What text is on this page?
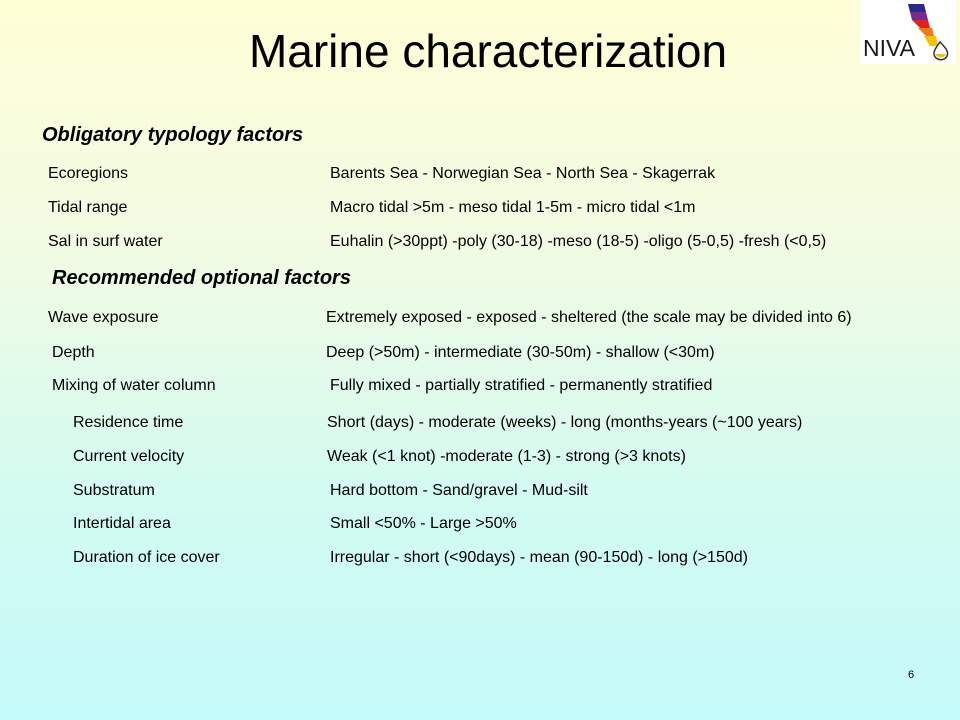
Marine characterization	NIVA
Obligatory typology factors
Ecoregions	Barents Sea - Norwegian Sea - North Sea - Skagerrak
Tidal range	Macro tidal >5m - meso tidal 1-5m - micro tidal <1m
Sal in surf water	Euhalin (>30ppt) -poly (30-18) -meso (18-5) -oligo (5-0,5) -fresh (<0,5)
Recommended optional factors
Wave exposure	Extremely exposed - exposed - sheltered (the scale may be divided into 6)
Depth	Deep (>50m) - intermediate (30-50m) - shallow (<30m)
Mixing of water column	Fully mixed - partially stratified - permanently stratified
Residence time	Short (days) - moderate (weeks) - long (months-years (~100 years)
Current velocity	Weak (<1 knot) -moderate (1-3) - strong (>3 knots)
Substratum	Hard bottom - Sand/gravel - Mud-silt
Intertidal area	Small <50% - Large >50%
Duration of ice cover	Irregular - short (<90days) - mean (90-150d) - long (>150d)
6
